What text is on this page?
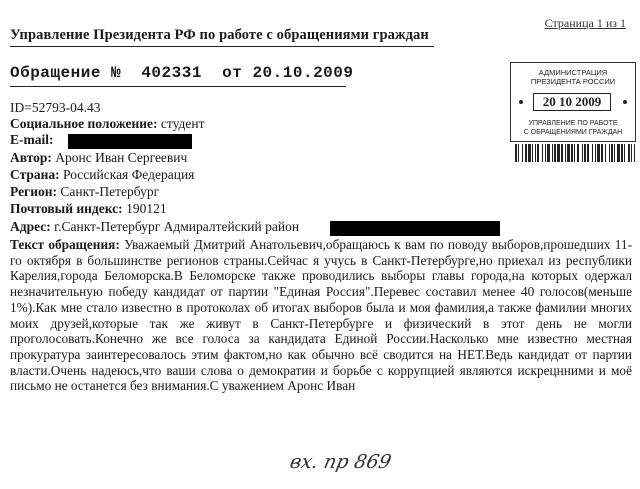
Страница 1 из 1
Управление Президента РФ по работе с обращениями граждан
Обращение № 402331 от 20.10.2009	АДМИНИСТРАЦИЯ
ПРЕЗИДЕНТА РОССИИ
20 10 2009
УПРАВЛЕНИЕ ПО РАБОТЕ
С ОБРАЩЕНИЯМИ ГРАЖДАН
ID=52793-04.43
Социальное положение: студент
E-mail:
Автор: Аронс Иван Сергеевич
Страна: Российская Федерация
Регион: Санкт-Петербург
Почтовый индекс: 190121
Адрес: г.Санкт-Петербург Адмиралтейский район
Текст обращения: Уважаемый Дмитрий Анатольевич,обращаюсь к вам по поводу выборов,прошедших 11-го октября в большинстве регионов страны.Сейчас я учусь в Санкт-Петербурге,но приехал из республики Карелия,города Беломорска.В Беломорске также проводились выборы главы города,на которых одержал незначительную победу кандидат от партии "Единая Россия".Перевес составил менее 40 голосов(меньше 1%).Как мне стало известно в протоколах об итогах выборов была и моя фамилия,а также фамилии многих моих друзей,которые так же живут в Санкт-Петербурге и физический в этот день не могли проголосовать.Конечно же все голоса за кандидата Единой России.Насколько мне известно местная прокуратура заинтересовалось этим фактом,но как обычно всё сводится на НЕТ.Ведь кандидат от партии власти.Очень надеюсь,что ваши слова о демократии и борьбе с коррупцией являются искрецнними и моё письмо не останется без внимания.С уважением Аронс Иван
вх. пр 869
